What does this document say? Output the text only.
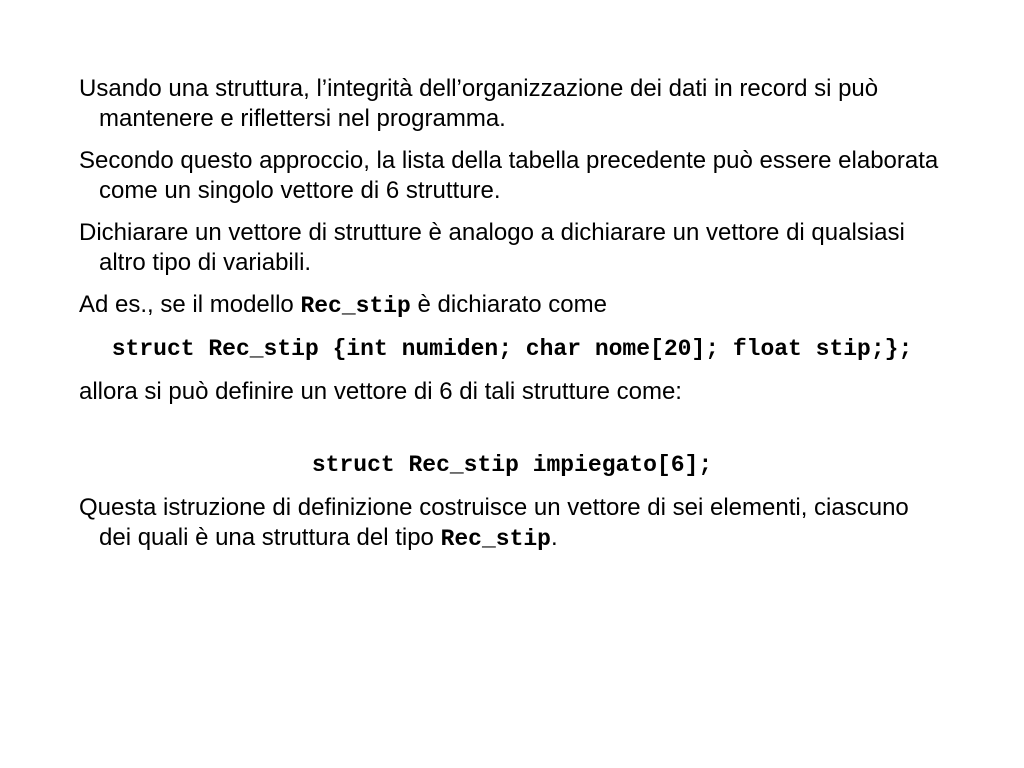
Usando una struttura, l’integrità dell’organizzazione dei dati in record si può mantenere e riflettersi nel programma.

Secondo questo approccio, la lista della tabella precedente può essere elaborata come un singolo vettore di 6 strutture.

Dichiarare un vettore di strutture è analogo a dichiarare un vettore di qualsiasi altro tipo di variabili.

Ad es., se il modello Rec_stip è dichiarato come

struct Rec_stip {int numiden; char nome[20]; float stip;};

allora si può definire un vettore di 6 di tali strutture come:

struct Rec_stip impiegato[6];

Questa istruzione di definizione costruisce un vettore di sei elementi, ciascuno dei quali è una struttura del tipo Rec_stip.
